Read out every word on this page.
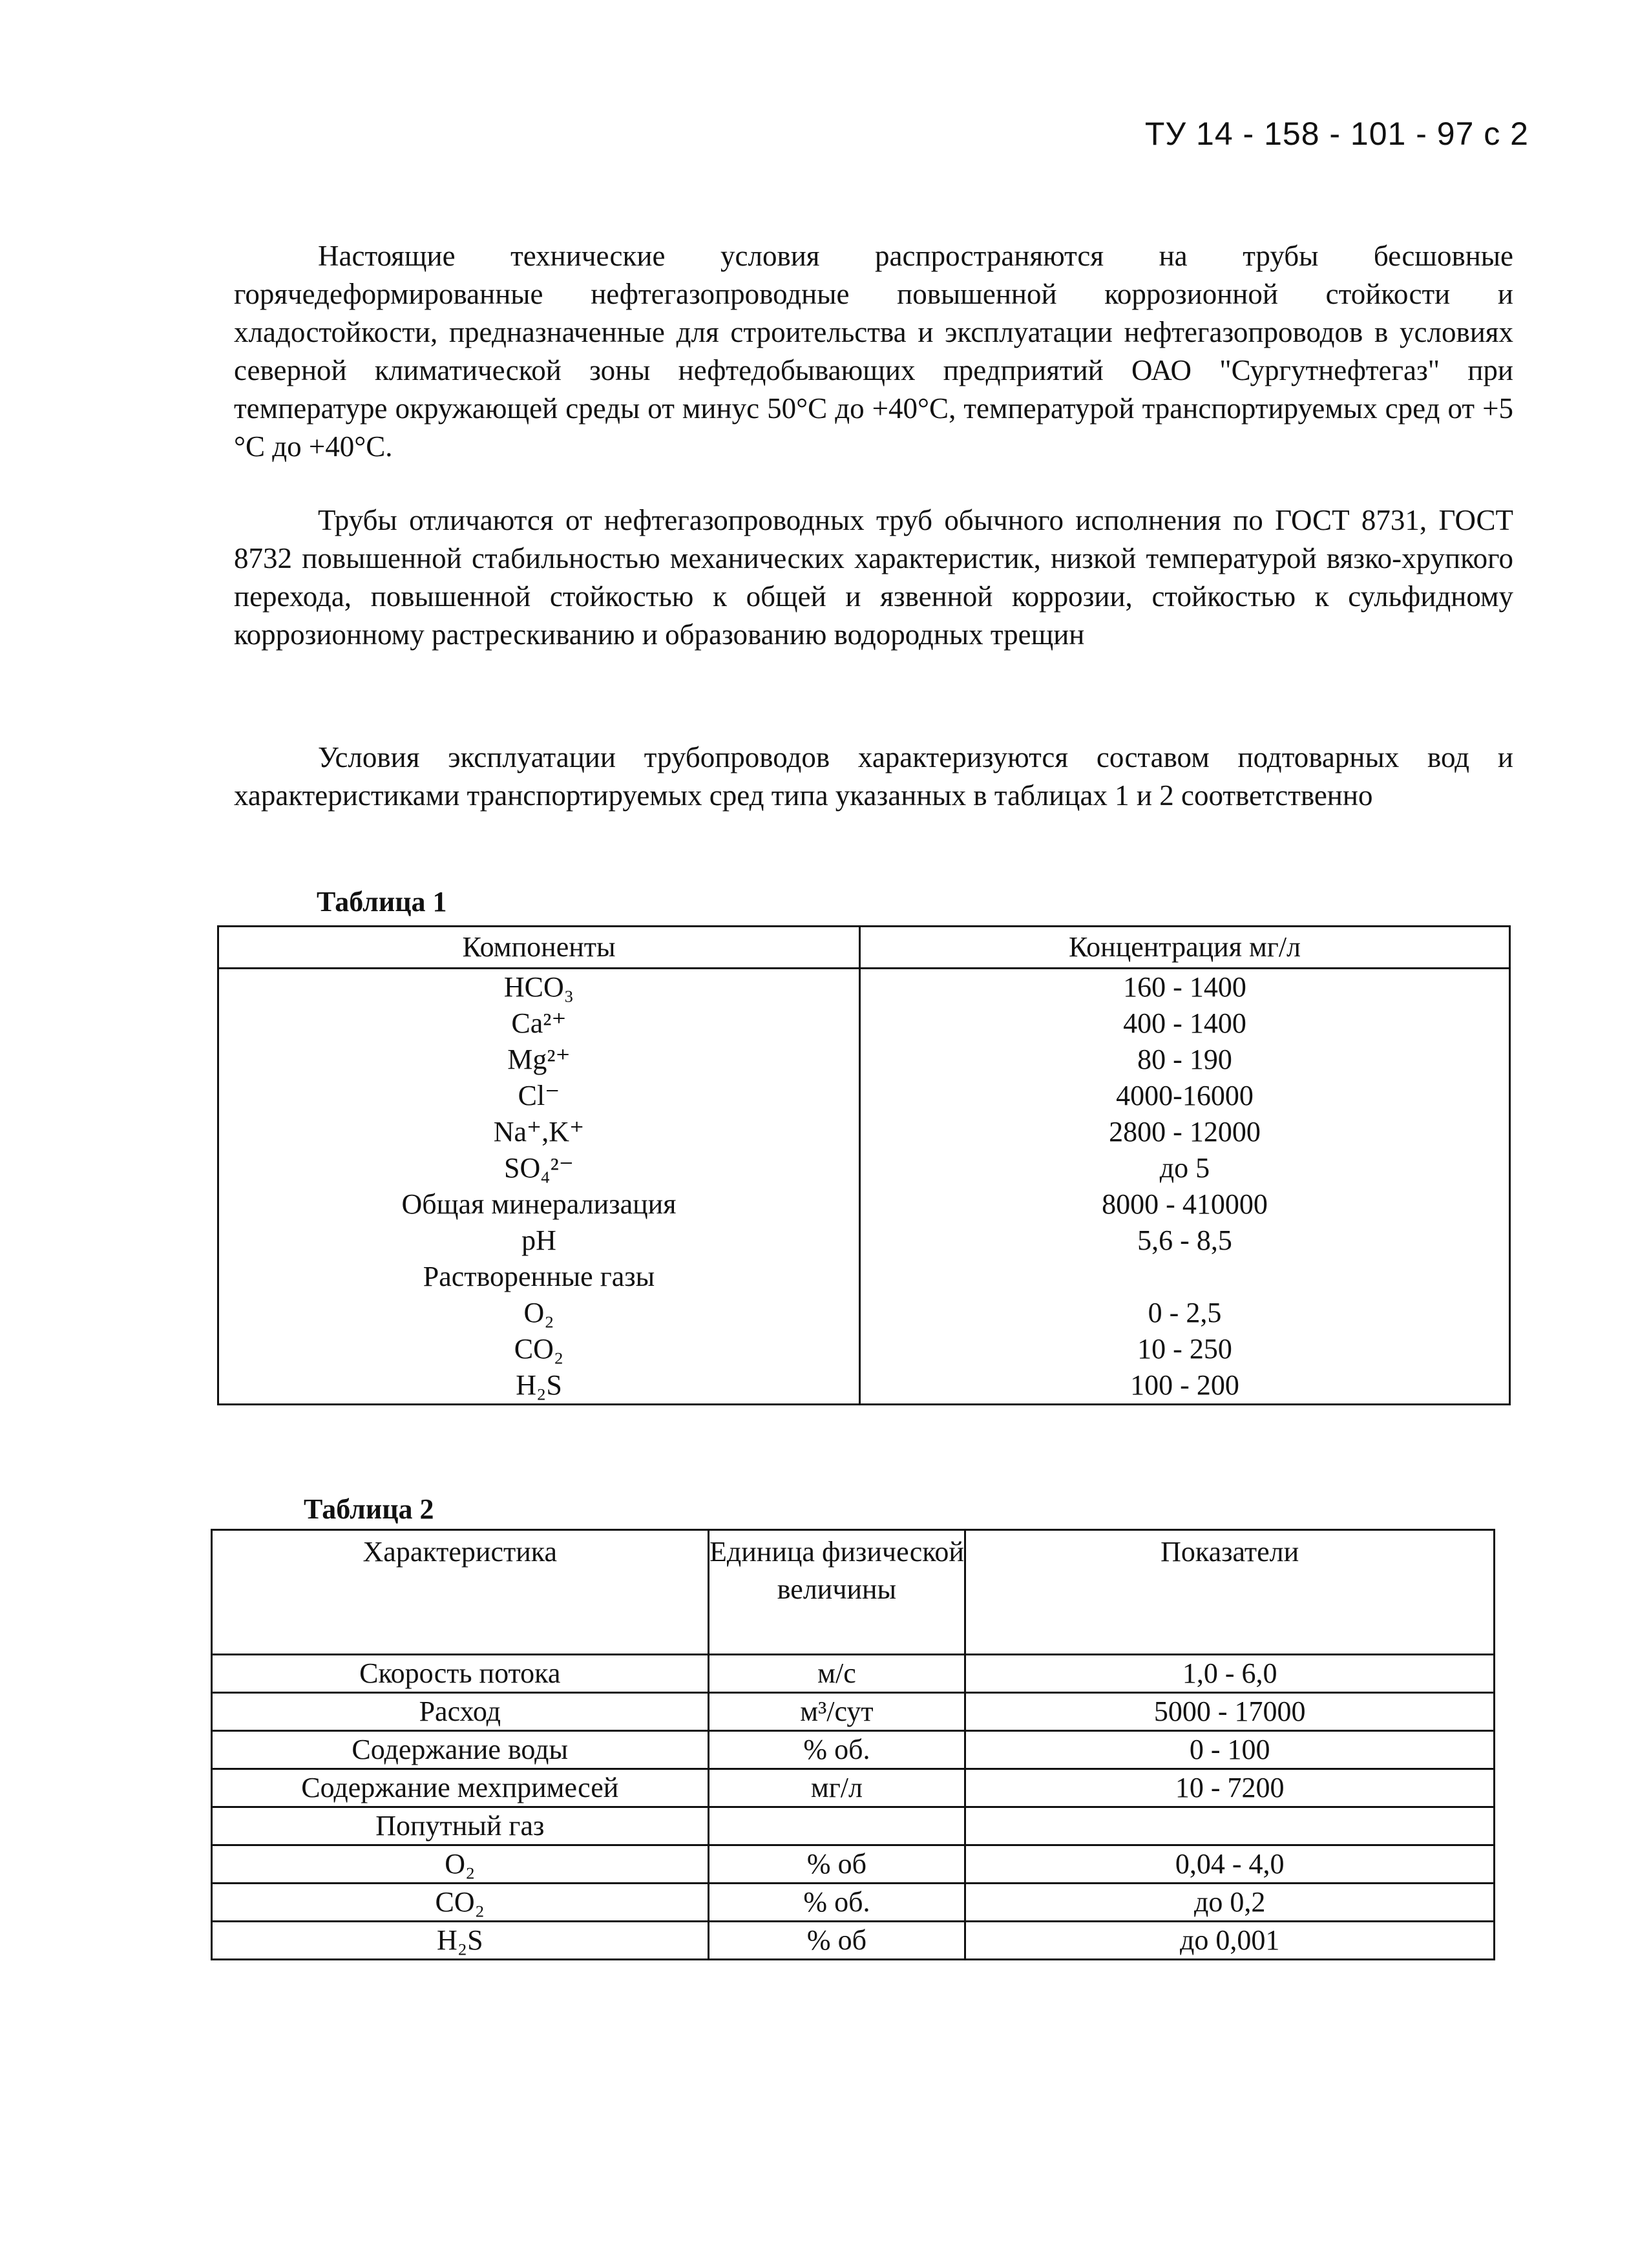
ТУ 14 - 158 - 101 - 97 с 2

Настоящие технические условия распространяются на трубы бесшовные горячедеформированные нефтегазопроводные повышенной коррозионной стойкости и хладостойкости, предназначенные для строительства и эксплуатации нефтегазопроводов в условиях северной климатической зоны нефтедобывающих предприятий ОАО "Сургутнефтегаз" при температуре окружающей среды от минус 50°С до +40°С, температурой транспортируемых сред от +5 °С до +40°С.

Трубы отличаются от нефтегазопроводных труб обычного исполнения по ГОСТ 8731, ГОСТ 8732 повышенной стабильностью механических характеристик, низкой температурой вязко-хрупкого перехода, повышенной стойкостью к общей и язвенной коррозии, стойкостью к сульфидному коррозионному растрескиванию и образованию водородных трещин

Условия эксплуатации трубопроводов характеризуются составом подтоварных вод и характеристиками транспортируемых сред типа указанных в таблицах 1 и 2 соответственно

Таблица 1
Компоненты	Концентрация мг/л
HCO₃	160 - 1400
Ca²⁺	400 - 1400
Mg²⁺	80 - 190
Cl⁻	4000-16000
Na⁺,K⁺	2800 - 12000
SO₄²⁻	до 5
Общая минерализация	8000 - 410000
pH	5,6 - 8,5
Растворенные газы	
O₂	0 - 2,5
CO₂	10 - 250
H₂S	100 - 200
Таблица 2
Характеристика	Единица физической величины	Показатели
Скорость потока	м/с	1,0 - 6,0
Расход	м³/сут	5000 - 17000
Содержание воды	% об.	0 - 100
Содержание мехпримесей	мг/л	10 - 7200
Попутный газ		
O₂	% об	0,04 - 4,0
CO₂	% об.	до 0,2
H₂S	% об	до 0,001
